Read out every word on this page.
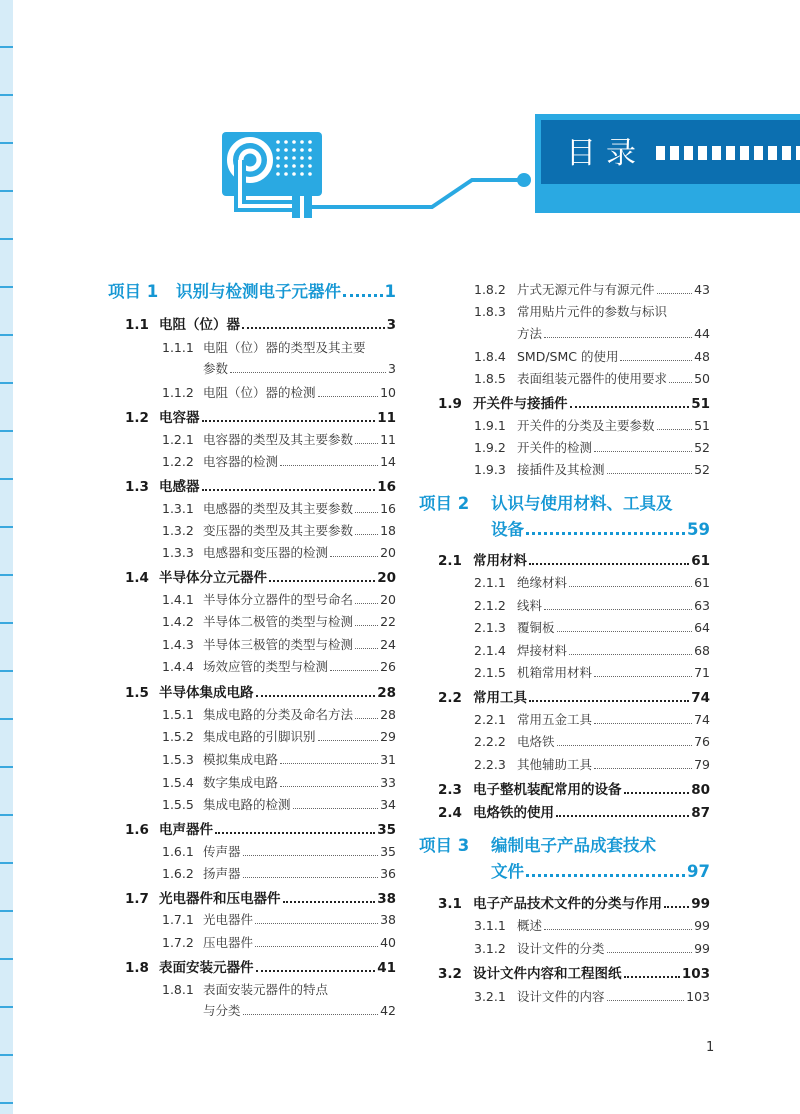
目录
项目 1	识别与检测电子元器件	1
1.1 电阻（位）器	3
1.1.1 电阻（位）器的类型及其主要
参数	3
1.1.2 电阻（位）器的检测	10
1.2 电容器	11
1.2.1 电容器的类型及其主要参数 11
1.2.2 电容器的检测	14
1.3 电感器	16
1.3.1 电感器的类型及其主要参数 16
1.3.2 变压器的类型及其主要参数 18
1.3.3 电感器和变压器的检测	20
1.4 半导体分立元器件	20
1.4.1 半导体分立器件的型号命名 20
1.4.2 半导体二极管的类型与检测 22
1.4.3 半导体三极管的类型与检测 24
1.4.4 场效应管的类型与检测	26
1.5 半导体集成电路	28
1.5.1 集成电路的分类及命名方法 28
1.5.2 集成电路的引脚识别	29
1.5.3 模拟集成电路	31
1.5.4 数字集成电路	33
1.5.5 集成电路的检测	34
1.6 电声器件	35
1.6.1 传声器	35
1.6.2 扬声器	36
1.7 光电器件和压电器件	38
1.7.1 光电器件	38
1.7.2 压电器件	40
1.8 表面安装元器件	41
1.8.1 表面安装元器件的特点
与分类	42
1.8.2 片式无源元件与有源元件	43
1.8.3 常用贴片元件的参数与标识
方法	44
1.8.4 SMD/SMC 的使用	48
1.8.5 表面组装元器件的使用要求 50
1.9 开关件与接插件	51
1.9.1 开关件的分类及主要参数	51
1.9.2 开关件的检测	52
1.9.3 接插件及其检测	52
项目 2	认识与使用材料、工具及
设备	59
2.1 常用材料	61
2.1.1 绝缘材料	61
2.1.2 线料	63
2.1.3 覆铜板	64
2.1.4 焊接材料	68
2.1.5 机箱常用材料	71
2.2 常用工具	74
2.2.1 常用五金工具	74
2.2.2 电烙铁	76
2.2.3 其他辅助工具	79
2.3 电子整机装配常用的设备	80
2.4 电烙铁的使用	87
项目 3	编制电子产品成套技术
文件	97
3.1 电子产品技术文件的分类与作用 99
3.1.1 概述	99
3.1.2 设计文件的分类	99
3.2 设计文件内容和工程图纸	103
3.2.1 设计文件的内容	103
1
